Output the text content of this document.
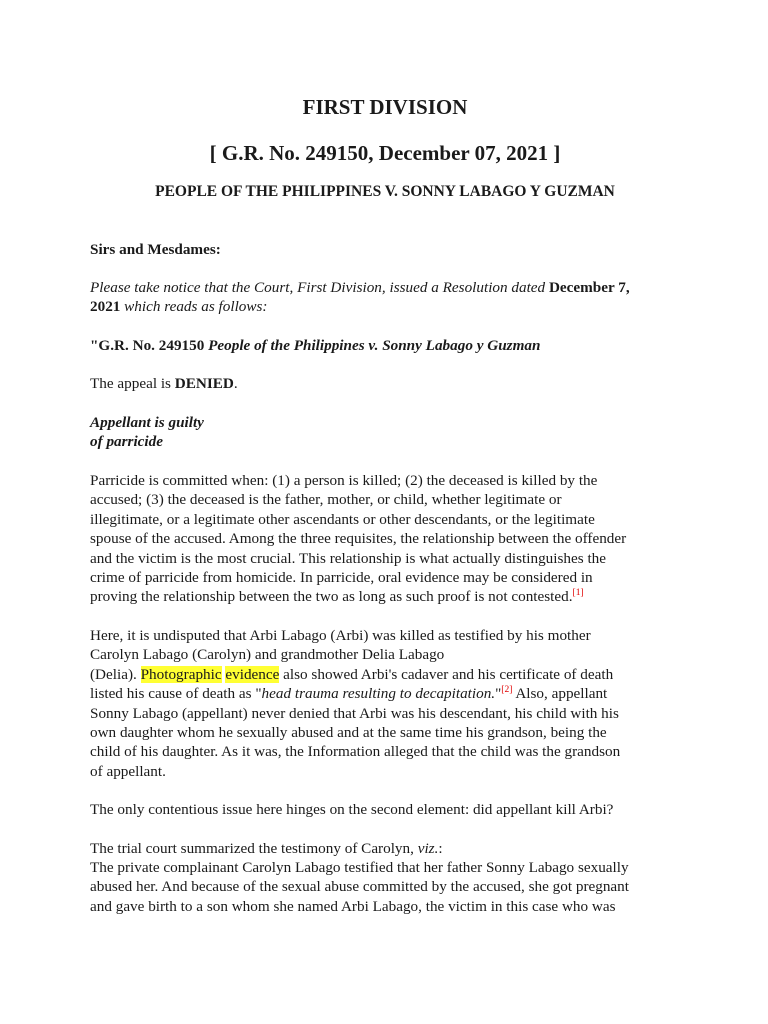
FIRST DIVISION
[ G.R. No. 249150, December 07, 2021 ]
PEOPLE OF THE PHILIPPINES V. SONNY LABAGO Y GUZMAN

Sirs and Mesdames:

Please take notice that the Court, First Division, issued a Resolution dated December 7,
2021 which reads as follows:

"G.R. No. 249150 People of the Philippines v. Sonny Labago y Guzman

The appeal is DENIED.

Appellant is guilty
of parricide

Parricide is committed when: (1) a person is killed; (2) the deceased is killed by the
accused; (3) the deceased is the father, mother, or child, whether legitimate or
illegitimate, or a legitimate other ascendants or other descendants, or the legitimate
spouse of the accused. Among the three requisites, the relationship between the offender
and the victim is the most crucial. This relationship is what actually distinguishes the
crime of parricide from homicide. In parricide, oral evidence may be considered in
proving the relationship between the two as long as such proof is not contested.[1]

Here, it is undisputed that Arbi Labago (Arbi) was killed as testified by his mother
Carolyn Labago (Carolyn) and grandmother Delia Labago
(Delia). Photographic evidence also showed Arbi's cadaver and his certificate of death
listed his cause of death as "head trauma resulting to decapitation."[2] Also, appellant
Sonny Labago (appellant) never denied that Arbi was his descendant, his child with his
own daughter whom he sexually abused and at the same time his grandson, being the
child of his daughter. As it was, the Information alleged that the child was the grandson
of appellant.

The only contentious issue here hinges on the second element: did appellant kill Arbi?

The trial court summarized the testimony of Carolyn, viz.:

The private complainant Carolyn Labago testified that her father Sonny Labago sexually
abused her. And because of the sexual abuse committed by the accused, she got pregnant
and gave birth to a son whom she named Arbi Labago, the victim in this case who was
